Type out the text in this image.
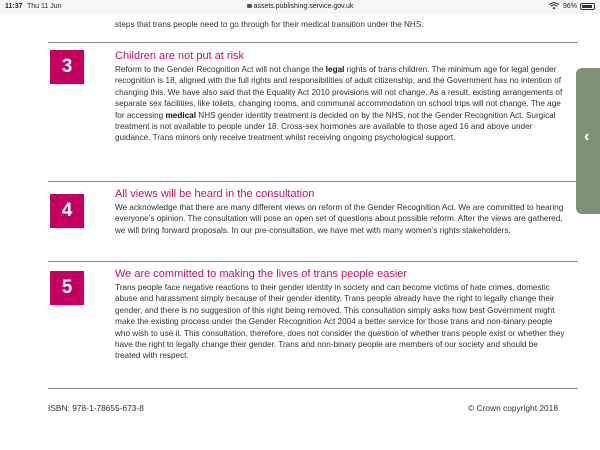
11:37 Thu 11 Jun	assets.publishing.service.gov.uk	96%
steps that trans people need to go through for their medical transition under the NHS.
3	Children are not put at risk
Reform to the Gender Recognition Act will not change the legal rights of trans children. The minimum age for legal gender recognition is 18, aligned with the full rights and responsibilities of adult citizenship, and the Government has no intention of changing this. We have also said that the Equality Act 2010 provisions will not change. As a result, existing arrangements of separate sex facilities, like toilets, changing rooms, and communal accommodation on school trips will not change. The age for accessing medical NHS gender identity treatment is decided on by the NHS, not the Gender Recognition Act. Surgical treatment is not available to people under 18. Cross-sex hormones are available to those aged 16 and above under guidance. Trans minors only receive treatment whilst receiving ongoing psychological support.
4
All views will be heard in the consultation
We acknowledge that there are many different views on reform of the Gender Recognition Act. We are committed to hearing everyone’s opinion. The consultation will pose an open set of questions about possible reform. After the views are gathered, we will bring forward proposals. In our pre-consultation, we have met with many women’s rights stakeholders.
5
We are committed to making the lives of trans people easier
Trans people face negative reactions to their gender identity in society and can become victims of hate crimes, domestic abuse and harassment simply because of their gender identity. Trans people already have the right to legally change their gender, and there is no suggestion of this right being removed. This consultation simply asks how best Government might make the existing process under the Gender Recognition Act 2004 a better service for those trans and non-binary people who wish to use it. This consultation, therefore, does not consider the question of whether trans people exist or whether they have the right to legally change their gender. Trans and non-binary people are members of our society and should be treated with respect.
ISBN: 978-1-78655-673-8	© Crown copyright 2018
‹
